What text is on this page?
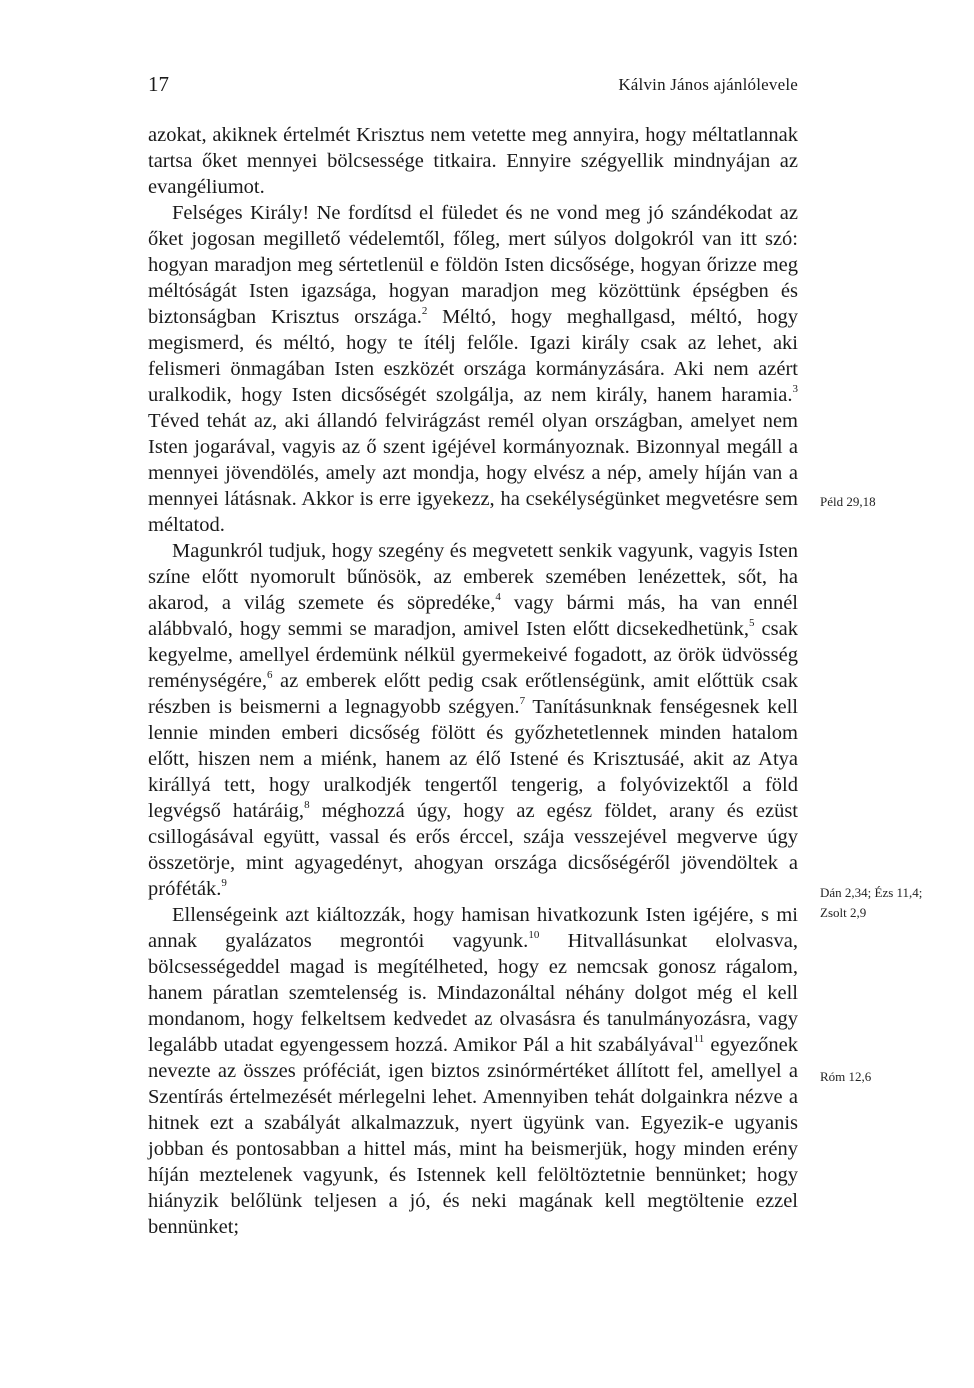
17	Kálvin János ajánlólevele

azokat, akiknek értelmét Krisztus nem vetette meg annyira, hogy méltatlannak tartsa őket mennyei bölcsessége titkaira. Ennyire szégyellik mindnyájan az evangéliumot.

Felséges Király! Ne fordítsd el füledet és ne vond meg jó szándékodat az őket jogosan megillető védelemtől, főleg, mert súlyos dolgokról van itt szó: hogyan maradjon meg sértetlenül e földön Isten dicsősége, hogyan őrizze meg méltóságát Isten igazsága, hogyan maradjon meg közöttünk épségben és biztonságban Krisztus országa.$^2$ Méltó, hogy meghallgasd, méltó, hogy megismerd, és méltó, hogy te ítélj felőle. Igazi király csak az lehet, aki felismeri önmagában Isten eszközét országa kormányzására. Aki nem azért uralkodik, hogy Isten dicsőségét szolgálja, az nem király, hanem haramia.$^3$ Téved tehát az, aki állandó felvirágzást remél olyan országban, amelyet nem Isten jogarával, vagyis az ő szent igéjével kormányoznak. Bizonnyal megáll a mennyei jövendölés, amely azt mondja, hogy elvész a nép, amely híján van a mennyei látásnak. Akkor is erre igyekezz, ha csekélységünket megvetésre sem méltatod.

Magunkról tudjuk, hogy szegény és megvetett senkik vagyunk, vagyis Isten színe előtt nyomorult bűnösök, az emberek szemében lenézettek, sőt, ha akarod, a világ szemete és söpredéke,$^4$ vagy bármi más, ha van ennél alábbvaló, hogy semmi se maradjon, amivel Isten előtt dicsekedhetünk,$^5$ csak kegyelme, amellyel érdemünk nélkül gyermekeivé fogadott, az örök üdvösség reménységére,$^6$ az emberek előtt pedig csak erőtlenségünk, amit előttük csak részben is beismerni a legnagyobb szégyen.$^7$ Tanításunknak fenségesnek kell lennie minden emberi dicsőség fölött és győzhetetlennek minden hatalom előtt, hiszen nem a miénk, hanem az élő Istené és Krisztusáé, akit az Atya királlyá tett, hogy uralkodjék tengertől tengerig, a folyóvizektől a föld legvégső határáig,$^8$ méghozzá úgy, hogy az egész földet, arany és ezüst csillogásával együtt, vassal és erős érccel, szája vesszejével megverve úgy összetörje, mint agyagedényt, ahogyan országa dicsőségéről jövendöltek a próféták.$^9$

Ellenségeink azt kiáltozzák, hogy hamisan hivatkozunk Isten igéjére, s mi annak gyalázatos megrontói vagyunk.$^{10}$ Hitvallásunkat elolvasva, bölcsességeddel magad is megítélheted, hogy ez nemcsak gonosz rágalom, hanem páratlan szemtelenség is. Mindazonáltal néhány dolgot még el kell mondanom, hogy felkeltsem kedvedet az olvasásra és tanulmányozásra, vagy legalább utadat egyengessem hozzá. Amikor Pál a hit szabályával$^{11}$ egyezőnek nevezte az összes próféciát, igen biztos zsinórmértéket állított fel, amellyel a Szentírás értelmezését mérlegelni lehet. Amennyiben tehát dolgainkra nézve a hitnek ezt a szabályát alkalmazzuk, nyert ügyünk van. Egyezik-e ugyanis jobban és pontosabban a hittel más, mint ha beismerjük, hogy minden erény híján meztelenek vagyunk, és Istennek kell felöltöztetnie bennünket; hogy hiányzik belőlünk teljesen a jó, és neki magának kell megtöltenie ezzel bennünket;

Péld 29,18
Dán 2,34; Ézs 11,4; Zsolt 2,9
Róm 12,6
